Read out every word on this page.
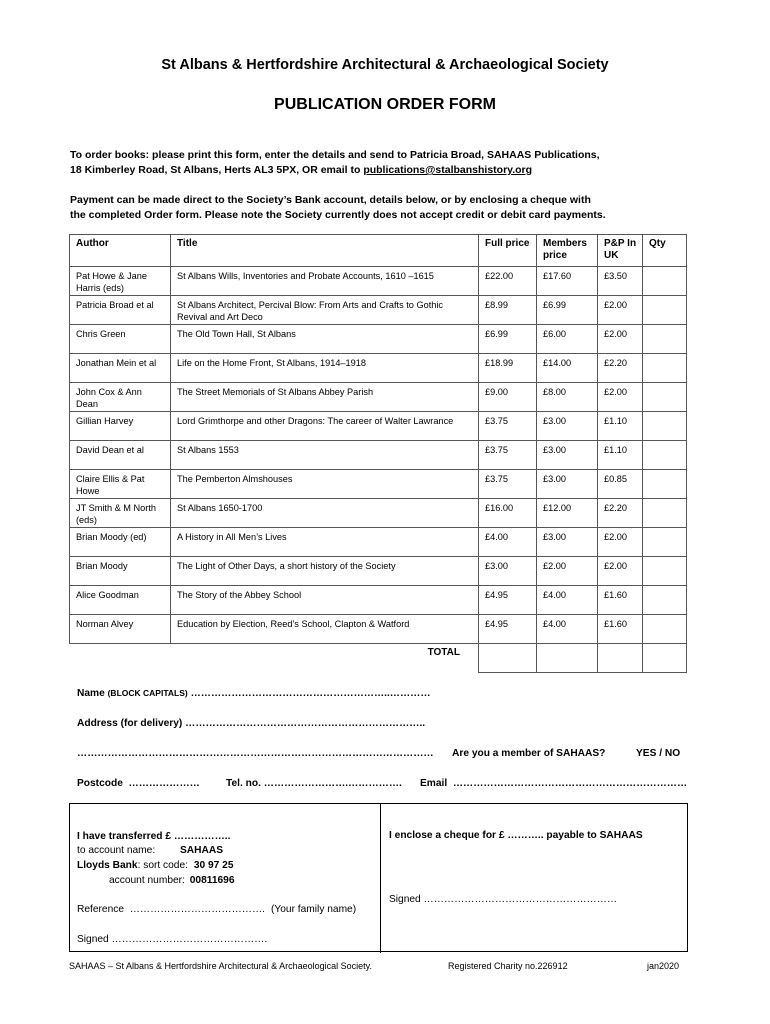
St Albans & Hertfordshire Architectural & Archaeological Society
PUBLICATION ORDER FORM
To order books: please print this form, enter the details and send to Patricia Broad, SAHAAS Publications,
18 Kimberley Road, St Albans, Herts AL3 5PX, OR email to publications@stalbanshistory.org
Payment can be made direct to the Society’s Bank account, details below, or by enclosing a cheque with
the completed Order form. Please note the Society currently does not accept credit or debit card payments.
Author	Title	Full price	Members price	P&P In UK	Qty
Pat Howe & Jane Harris (eds)	St Albans Wills, Inventories and Probate Accounts, 1610 –1615	£22.00	£17.60	£3.50	
Patricia Broad et al	St Albans Architect, Percival Blow: From Arts and Crafts to Gothic Revival and Art Deco	£8.99	£6.99	£2.00	
Chris Green	The Old Town Hall, St Albans	£6.99	£6.00	£2.00	
Jonathan Mein et al	Life on the Home Front, St Albans, 1914–1918	£18.99	£14.00	£2.20	
John Cox & Ann Dean	The Street Memorials of St Albans Abbey Parish	£9.00	£8.00	£2.00	
Gillian Harvey	Lord Grimthorpe and other Dragons: The career of Walter Lawrance	£3.75	£3.00	£1.10	
David Dean et al	St Albans 1553	£3.75	£3.00	£1.10	
Claire Ellis & Pat Howe	The Pemberton Almshouses	£3.75	£3.00	£0.85	
JT Smith & M North (eds)	St Albans 1650-1700	£16.00	£12.00	£2.20	
Brian Moody (ed)	A History in All Men’s Lives	£4.00	£3.00	£2.00	
Brian Moody	The Light of Other Days, a short history of the Society	£3.00	£2.00	£2.00	
Alice Goodman	The Story of the Abbey School	£4.95	£4.00	£1.60	
Norman Alvey	Education by Election, Reed’s School, Clapton & Watford	£4.95	£4.00	£1.60	
TOTAL					
Name (BLOCK CAPITALS) …………………………………………………..…………
Address (for delivery) ……………………………………………………………..
…………………………………………………………………………………………… Are you a member of SAHAAS?	YES / NO
Postcode …………………	Tel. no. …………………….……………. Email ……………………………………………………………
I have transferred £ ……………..
to account name: SAHAAS
Lloyds Bank: sort code: 30 97 25
account number: 00811696
Reference …………………………………. (Your family name)
Signed ……………………………………….
I enclose a cheque for £ ……….. payable to SAHAAS
Signed …………………………………………………
SAHAAS – St Albans & Hertfordshire Architectural & Archaeological Society.	Registered Charity no.226912	jan2020
